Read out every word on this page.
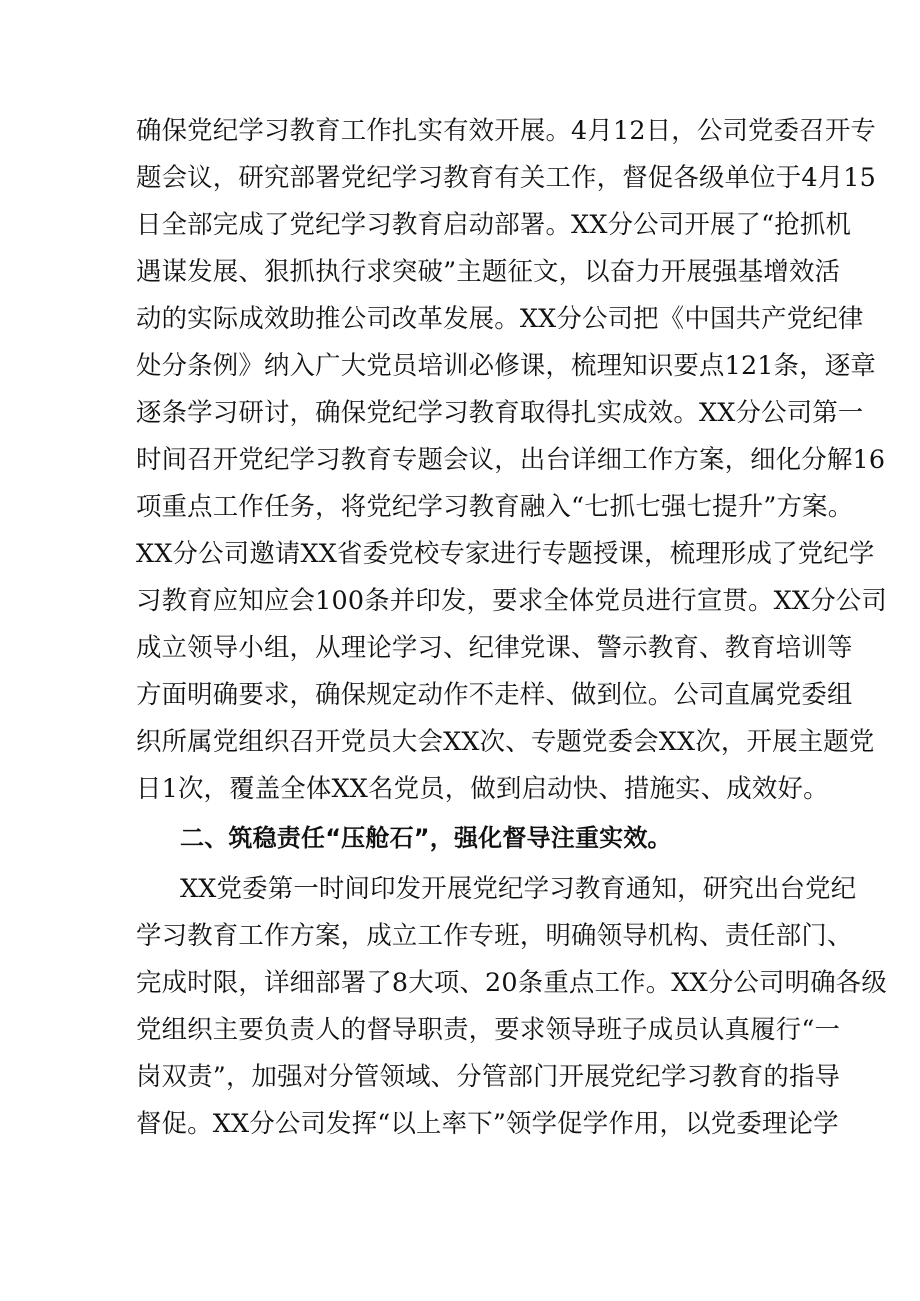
确保党纪学习教育工作扎实有效开展。4月12日，公司党委召开专
题会议，研究部署党纪学习教育有关工作，督促各级单位于4月15
日全部完成了党纪学习教育启动部署。XX分公司开展了“抢抓机
遇谋发展、狠抓执行求突破”主题征文，以奋力开展强基增效活
动的实际成效助推公司改革发展。XX分公司把《中国共产党纪律
处分条例》纳入广大党员培训必修课，梳理知识要点121条，逐章
逐条学习研讨，确保党纪学习教育取得扎实成效。XX分公司第一
时间召开党纪学习教育专题会议，出台详细工作方案，细化分解16
项重点工作任务，将党纪学习教育融入“七抓七强七提升”方案。
XX分公司邀请XX省委党校专家进行专题授课，梳理形成了党纪学
习教育应知应会100条并印发，要求全体党员进行宣贯。XX分公司
成立领导小组，从理论学习、纪律党课、警示教育、教育培训等
方面明确要求，确保规定动作不走样、做到位。公司直属党委组
织所属党组织召开党员大会XX次、专题党委会XX次，开展主题党
日1次，覆盖全体XX名党员，做到启动快、措施实、成效好。
二、筑稳责任“压舱石”，强化督导注重实效。
XX党委第一时间印发开展党纪学习教育通知，研究出台党纪
学习教育工作方案，成立工作专班，明确领导机构、责任部门、
完成时限，详细部署了8大项、20条重点工作。XX分公司明确各级
党组织主要负责人的督导职责，要求领导班子成员认真履行“一
岗双责”，加强对分管领域、分管部门开展党纪学习教育的指导
督促。XX分公司发挥“以上率下”领学促学作用，以党委理论学
